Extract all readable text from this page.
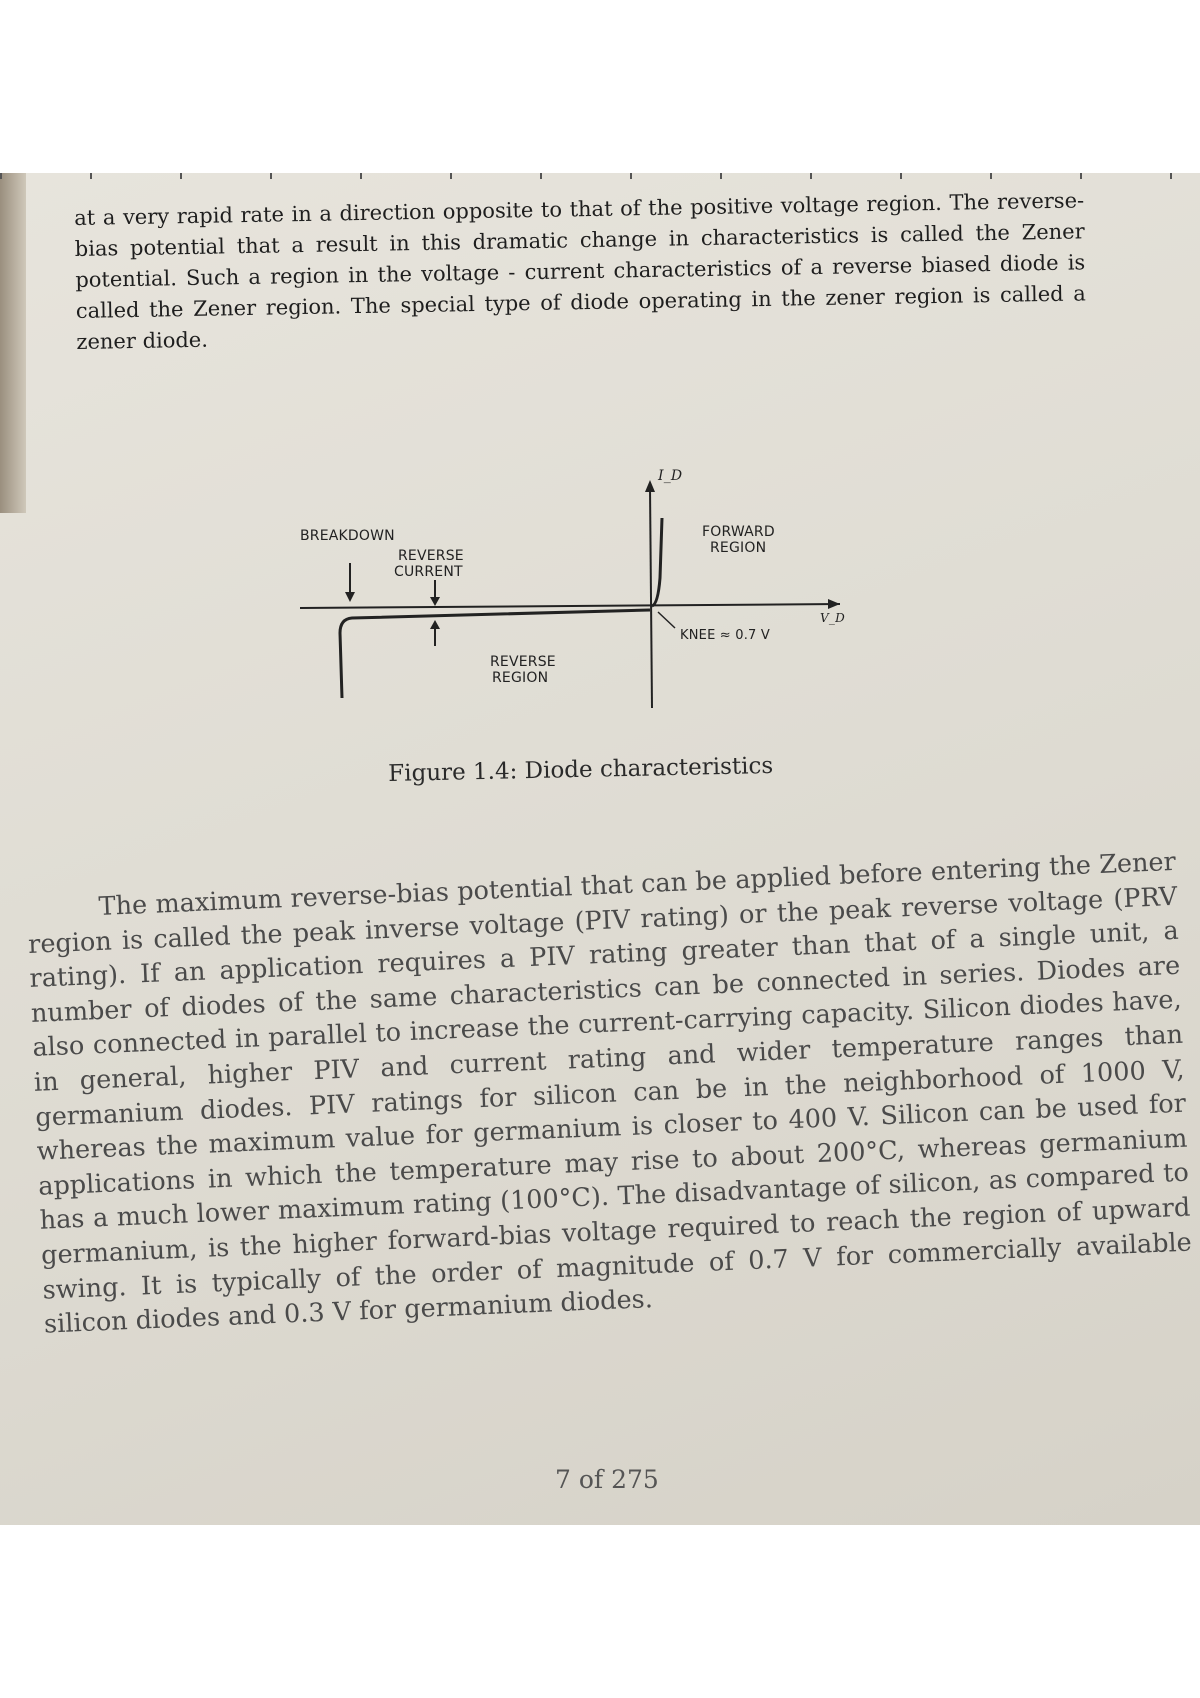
at a very rapid rate in a direction opposite to that of the positive voltage region. The reverse-bias potential that a result in this dramatic change in characteristics is called the Zener potential. Such a region in the voltage - current characteristics of a reverse biased diode is called the Zener region. The special type of diode operating in the zener region is called a zener diode.

I_D
V_D
BREAKDOWN
REVERSE
CURRENT
FORWARD
REGION
KNEE ≈ 0.7 V
REVERSE
REGION
Figure 1.4: Diode characteristics

The maximum reverse-bias potential that can be applied before entering the Zener region is called the peak inverse voltage (PIV rating) or the peak reverse voltage (PRV rating). If an application requires a PIV rating greater than that of a single unit, a number of diodes of the same characteristics can be connected in series. Diodes are also connected in parallel to increase the current-carrying capacity. Silicon diodes have, in general, higher PIV and current rating and wider temperature ranges than germanium diodes. PIV ratings for silicon can be in the neighborhood of 1000 V, whereas the maximum value for germanium is closer to 400 V. Silicon can be used for applications in which the temperature may rise to about 200°C, whereas germanium has a much lower maximum rating (100°C). The disadvantage of silicon, as compared to germanium, is the higher forward-bias voltage required to reach the region of upward swing. It is typically of the order of magnitude of 0.7 V for commercially available silicon diodes and 0.3 V for germanium diodes.

7 of 275
